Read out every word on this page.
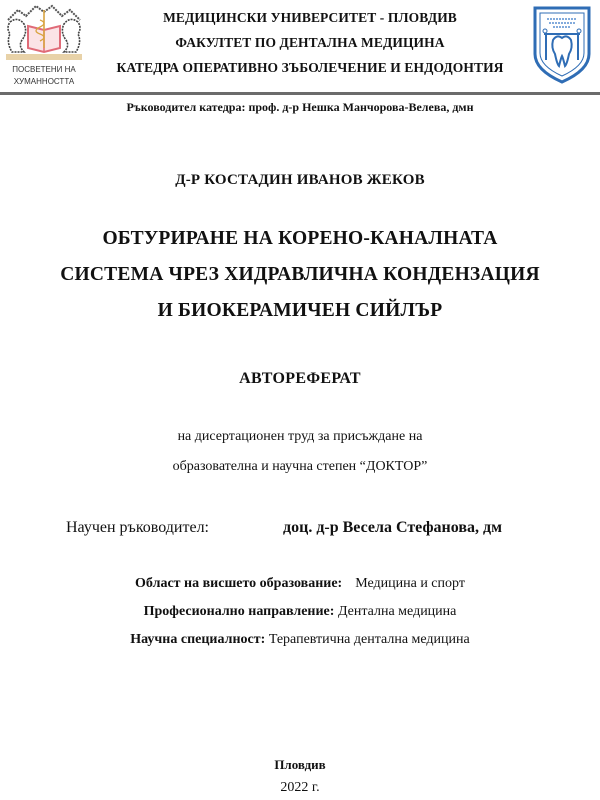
ПОСВЕТЕНИ НА
ХУМАННОСТТА
МЕДИЦИНСКИ УНИВЕРСИТЕТ - ПЛОВДИВ
ФАКУЛТЕТ ПО ДЕНТАЛНА МЕДИЦИНА
КАТЕДРА ОПЕРАТИВНО ЗЪБОЛЕЧЕНИЕ И ЕНДОДОНТИЯ
Ръководител катедра: проф. д-р Нешка Манчорова-Велева, дмн
Д-Р КОСТАДИН ИВАНОВ ЖЕКОВ
ОБТУРИРАНЕ НА КОРЕНО-КАНАЛНАТА
СИСТЕМА ЧРЕЗ ХИДРАВЛИЧНА КОНДЕНЗАЦИЯ
И БИОКЕРАМИЧЕН СИЙЛЪР
АВТОРЕФЕРАТ
на дисертационен труд за присъждане на
образователна и научна степен “ДОКТОР”
Научен ръководител:	доц. д-р Весела Стефанова, дм
Област на висшето образование: Медицина и спорт
Професионално направление: Дентална медицина
Научна специалност: Терапевтична дентална медицина
Пловдив
2022 г.
